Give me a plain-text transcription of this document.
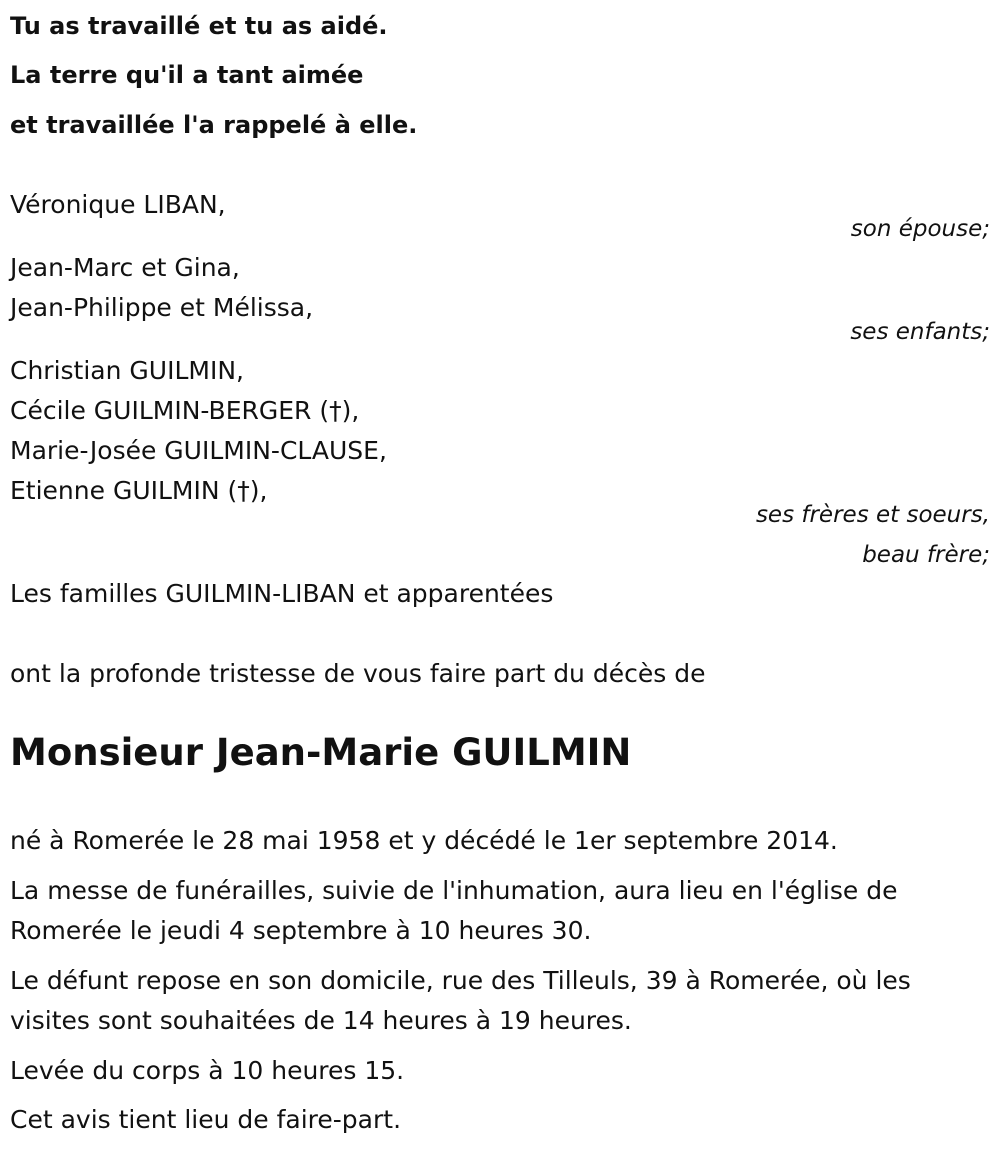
Tu as travaillé et tu as aidé.
La terre qu'il a tant aimée
et travaillée l'a rappelé à elle.
Véronique LIBAN,
son épouse;
Jean-Marc et Gina,
Jean-Philippe et Mélissa,
ses enfants;
Christian GUILMIN,
Cécile GUILMIN-BERGER (†),
Marie-Josée GUILMIN-CLAUSE,
Etienne GUILMIN (†),
ses frères et soeurs,
beau frère;
Les familles GUILMIN-LIBAN et apparentées
ont la profonde tristesse de vous faire part du décès de
Monsieur Jean-Marie GUILMIN
né à Romerée le 28 mai 1958 et y décédé le 1er septembre 2014.
La messe de funérailles, suivie de l'inhumation, aura lieu en l'église de
Romerée le jeudi 4 septembre à 10 heures 30.
Le défunt repose en son domicile, rue des Tilleuls, 39 à Romerée, où les
visites sont souhaitées de 14 heures à 19 heures.
Levée du corps à 10 heures 15.
Cet avis tient lieu de faire-part.
